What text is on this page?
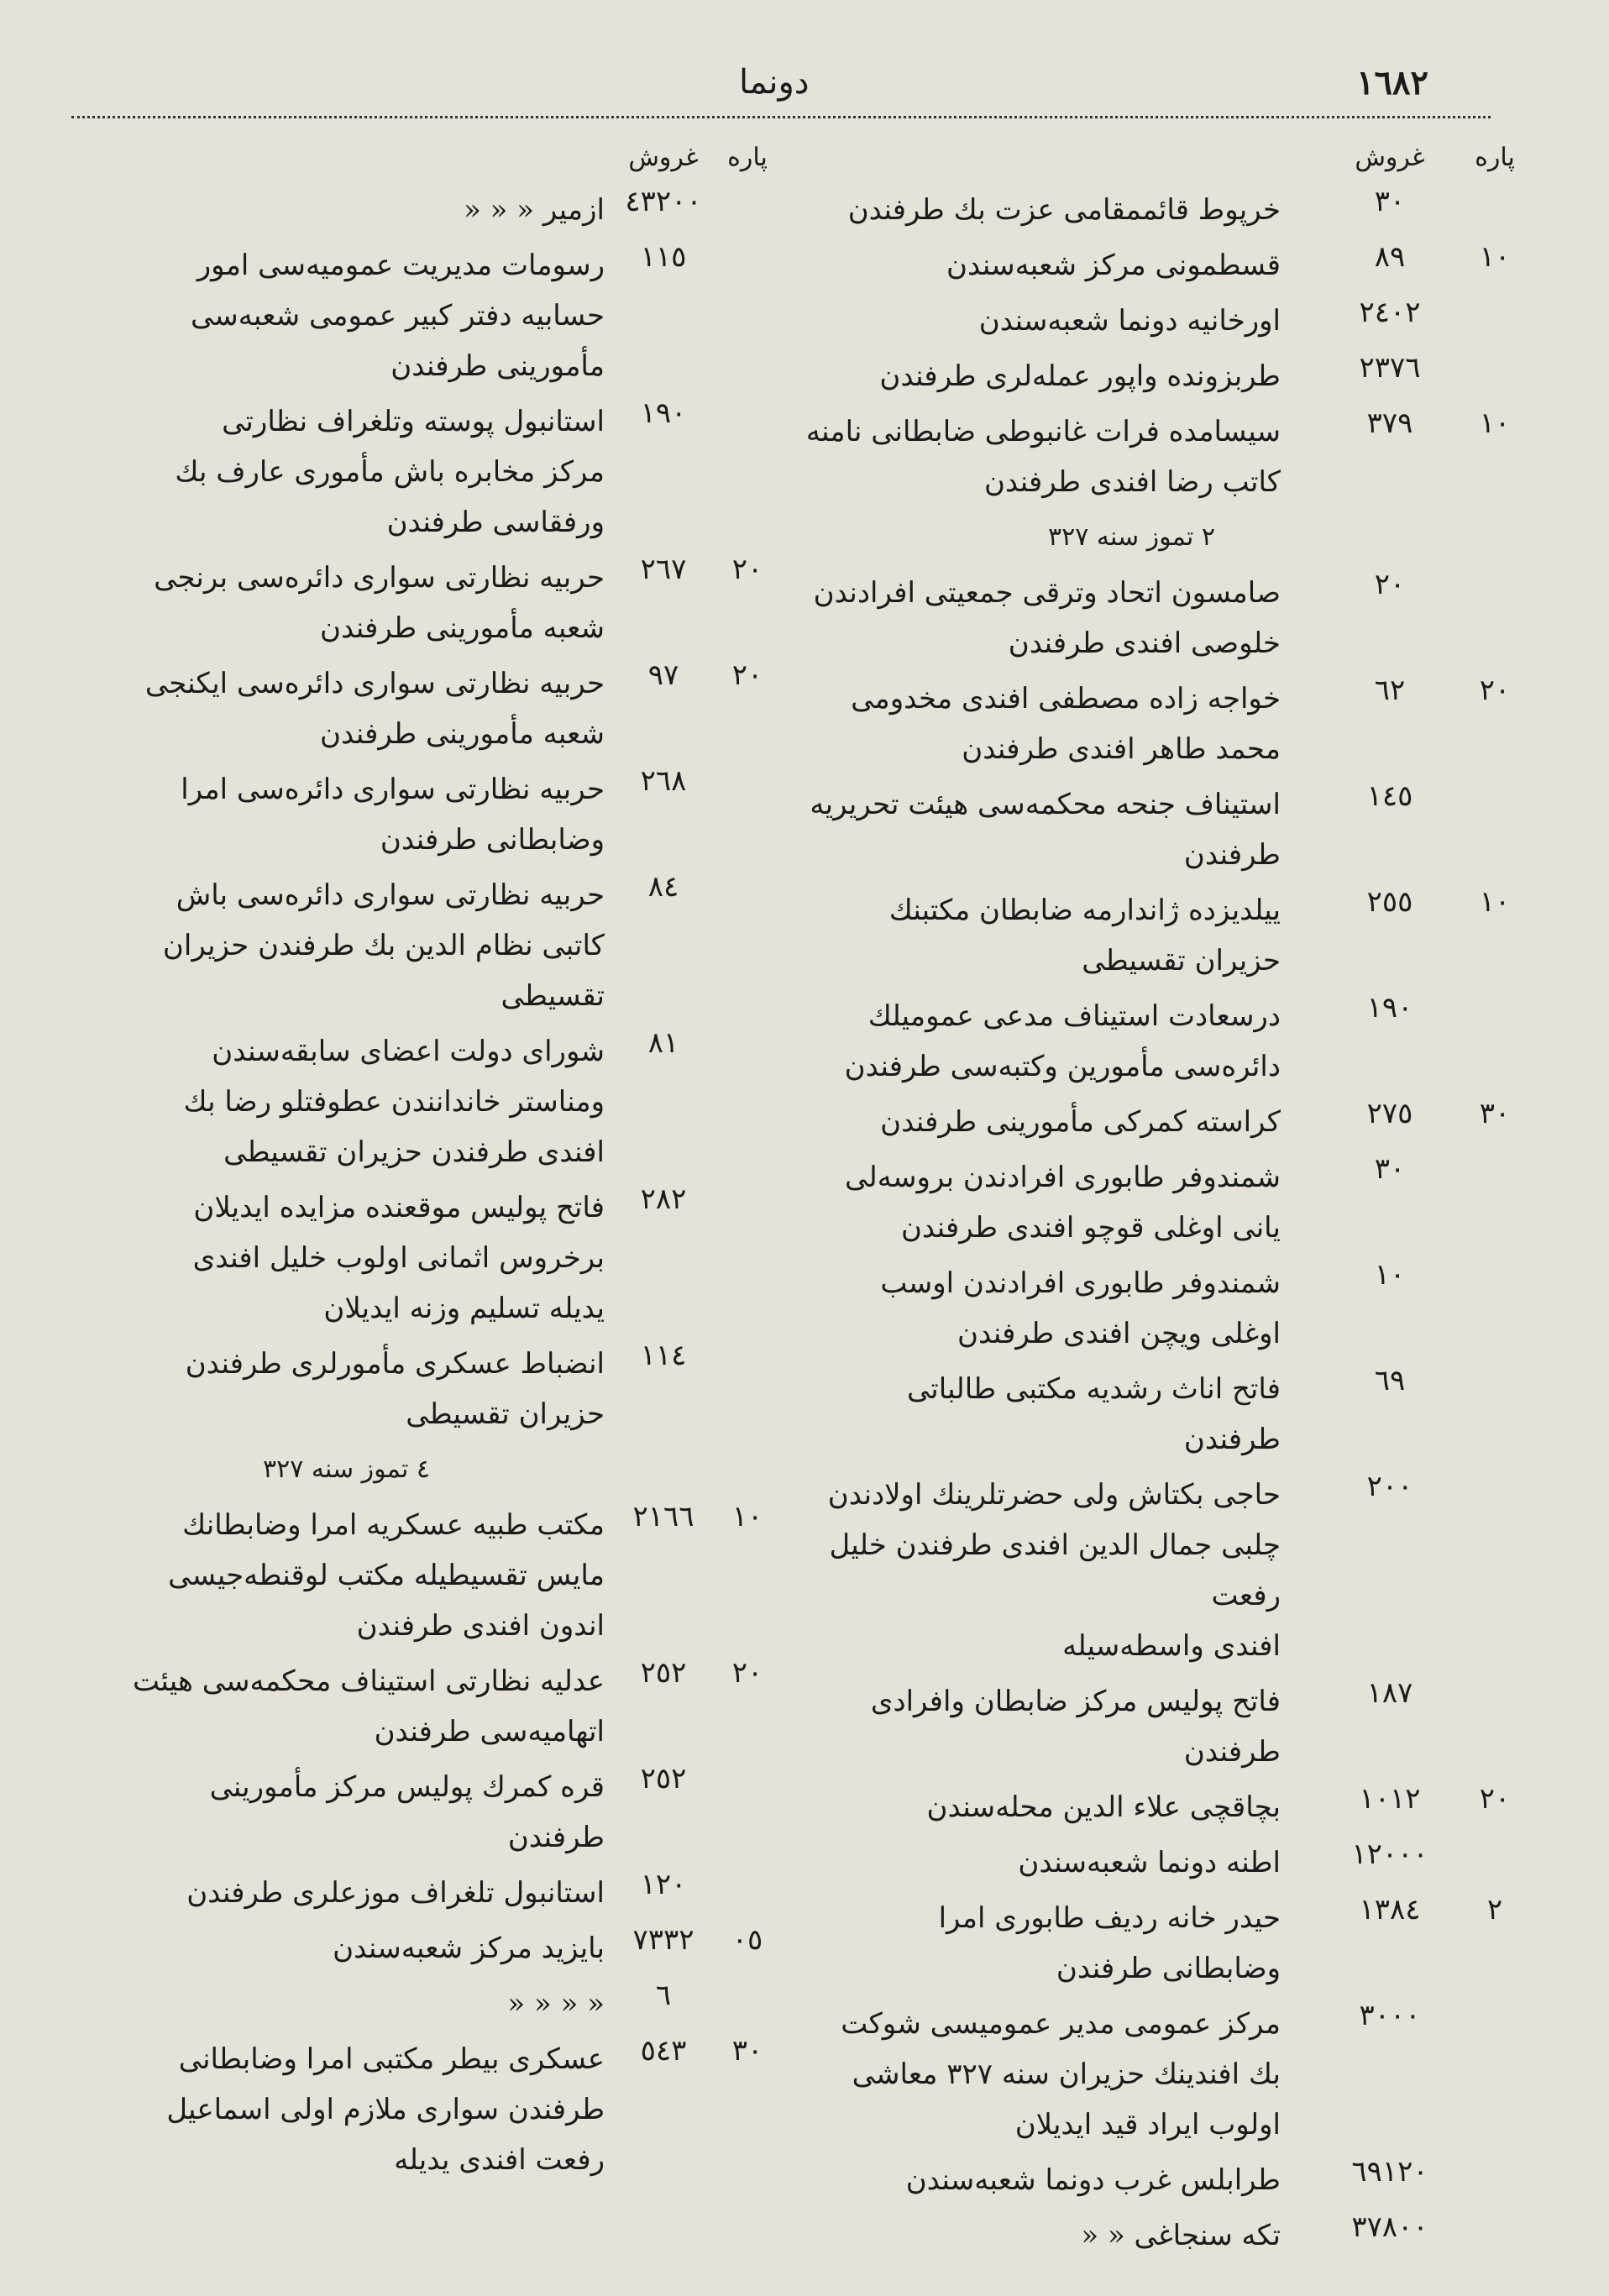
١٦٨٢
دونما
پاره
غروش
٣٠
خرپوط قائممقامی عزت بك طرفندن
١٠
٨٩
قسطمونی مرکز شعبه‌سندن
٢٤٠٢
اورخانیه دونما شعبه‌سندن
٢٣٧٦
طربزونده واپور عمله‌لری طرفندن
١٠
٣٧٩
سیسامده فرات غانبوطی ضابطانی نامنه
کاتب رضا افندی طرفندن
٢ تموز سنه ٣٢٧
٢٠
صامسون اتحاد وترقی جمعیتی افرادندن
خلوصی افندی طرفندن
٢٠
٦٢
خواجه زاده مصطفی افندی مخدومی
محمد طاهر افندی طرفندن
١٤٥
استیناف جنحه محکمه‌سی هیئت تحریریه
طرفندن
١٠
٢٥٥
ییلدیزده ژاندارمه ضابطان مکتبنك
حزیران تقسیطی
١٩٠
درسعادت استیناف مدعی عمومیلك
دائره‌سی مأمورین وکتبه‌سی طرفندن
٣٠
٢٧٥
کراسته کمرکی مأمورینی طرفندن
٣٠
شمندوفر طابوری افرادندن بروسه‌لی
یانی اوغلی قوچو افندی طرفندن
١٠
شمندوفر طابوری افرادندن اوسب
اوغلی ویچن افندی طرفندن
٦٩
فاتح اناث رشدیه مکتبی طالباتی طرفندن
٢٠٠
حاجی بکتاش ولی حضرتلرینك اولادندن
چلبی جمال الدین افندی طرفندن خلیل رفعت
افندی واسطه‌سیله
١٨٧
فاتح پولیس مرکز ضابطان وافرادی
طرفندن
٢٠
١٠١٢
بچاقچی علاء الدین محله‌سندن
١٢٠٠٠
اطنه دونما شعبه‌سندن
٢
١٣٨٤
حیدر خانه ردیف طابوری امرا
وضابطانی طرفندن
٣٠٠٠
مرکز عمومی مدیر عمومیسی شوکت
بك افندینك حزیران سنه ٣٢٧ معاشی
اولوب ایراد قید ایدیلان
٦٩١٢٠
طرابلس غرب دونما شعبه‌سندن
٣٧٨٠٠
تکه سنجاغی « «
پاره
غروش
٤٣٢٠٠
ازمیر « « «
١١٥
رسومات مدیریت عمومیه‌سی امور
حسابیه دفتر کبیر عمومی شعبه‌سی
مأمورینی طرفندن
١٩٠
استانبول پوسته وتلغراف نظارتی
مرکز مخابره باش مأموری عارف بك
ورفقاسی طرفندن
٢٠
٢٦٧
حربیه نظارتی سواری دائره‌سی برنجی
شعبه مأمورینی طرفندن
٢٠
٩٧
حربیه نظارتی سواری دائره‌سی ایکنجی
شعبه مأمورینی طرفندن
٢٦٨
حربیه نظارتی سواری دائره‌سی امرا
وضابطانی طرفندن
٨٤
حربیه نظارتی سواری دائره‌سی باش
کاتبی نظام الدین بك طرفندن حزیران
تقسیطی
٨١
شورای دولت اعضای سابقه‌سندن
ومناستر خاندانندن عطوفتلو رضا بك
افندی طرفندن حزیران تقسیطی
٢٨٢
فاتح پولیس موقعنده مزایده ایدیلان
برخروس اثمانی اولوب خلیل افندی
یدیله تسلیم وزنه ایدیلان
١١٤
انضباط عسکری مأمورلری طرفندن
حزیران تقسیطی
٤ تموز سنه ٣٢٧
١٠
٢١٦٦
مکتب طبیه عسکریه امرا وضابطانك
مایس تقسیطیله مکتب لوقنطه‌جیسی
اندون افندی طرفندن
٢٠
٢٥٢
عدلیه نظارتی استیناف محکمه‌سی هیئت
اتهامیه‌سی طرفندن
٢٥٢
قره کمرك پولیس مرکز مأمورینی
طرفندن
١٢٠
استانبول تلغراف موزعلری طرفندن
٠٥
٧٣٣٢
بایزید مرکز شعبه‌سندن
٦
« « « «
٣٠
٥٤٣
عسکری بیطر مکتبی امرا وضابطانی
طرفندن سواری ملازم اولی اسماعیل
رفعت افندی یدیله
